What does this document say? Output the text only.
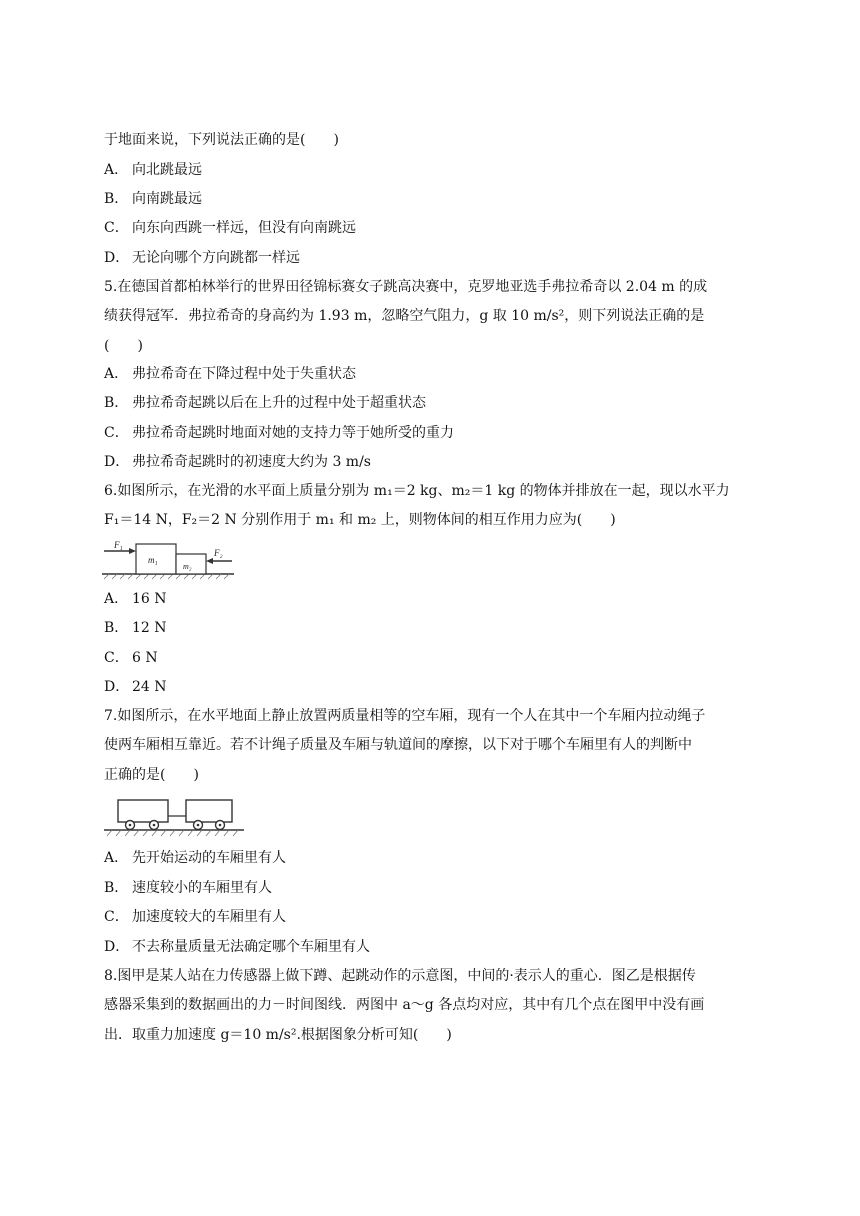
于地面来说，下列说法正确的是(　　)
A． 向北跳最远
B． 向南跳最远
C． 向东向西跳一样远，但没有向南跳远
D． 无论向哪个方向跳都一样远
5.在德国首都柏林举行的世界田径锦标赛女子跳高决赛中，克罗地亚选手弗拉希奇以 2.04 m 的成
绩获得冠军．弗拉希奇的身高约为 1.93 m，忽略空气阻力，g 取 10 m/s²，则下列说法正确的是
(　　)
A． 弗拉希奇在下降过程中处于失重状态
B． 弗拉希奇起跳以后在上升的过程中处于超重状态
C． 弗拉希奇起跳时地面对她的支持力等于她所受的重力
D． 弗拉希奇起跳时的初速度大约为 3 m/s
6.如图所示，在光滑的水平面上质量分别为 m₁＝2 kg、m₂＝1 kg 的物体并排放在一起，现以水平力
F₁＝14 N，F₂＝2 N 分别作用于 m₁ 和 m₂ 上，则物体间的相互作用力应为(　　)
F₁
m₁
m₂
F₂
A． 16 N
B． 12 N
C． 6 N
D． 24 N
7.如图所示，在水平地面上静止放置两质量相等的空车厢，现有一个人在其中一个车厢内拉动绳子
使两车厢相互靠近。若不计绳子质量及车厢与轨道间的摩擦，以下对于哪个车厢里有人的判断中
正确的是(　　)
A． 先开始运动的车厢里有人
B． 速度较小的车厢里有人
C． 加速度较大的车厢里有人
D． 不去称量质量无法确定哪个车厢里有人
8.图甲是某人站在力传感器上做下蹲、起跳动作的示意图，中间的·表示人的重心．图乙是根据传
感器采集到的数据画出的力－时间图线．两图中 a～g 各点均对应，其中有几个点在图甲中没有画
出．取重力加速度 g＝10 m/s².根据图象分析可知(　　)
